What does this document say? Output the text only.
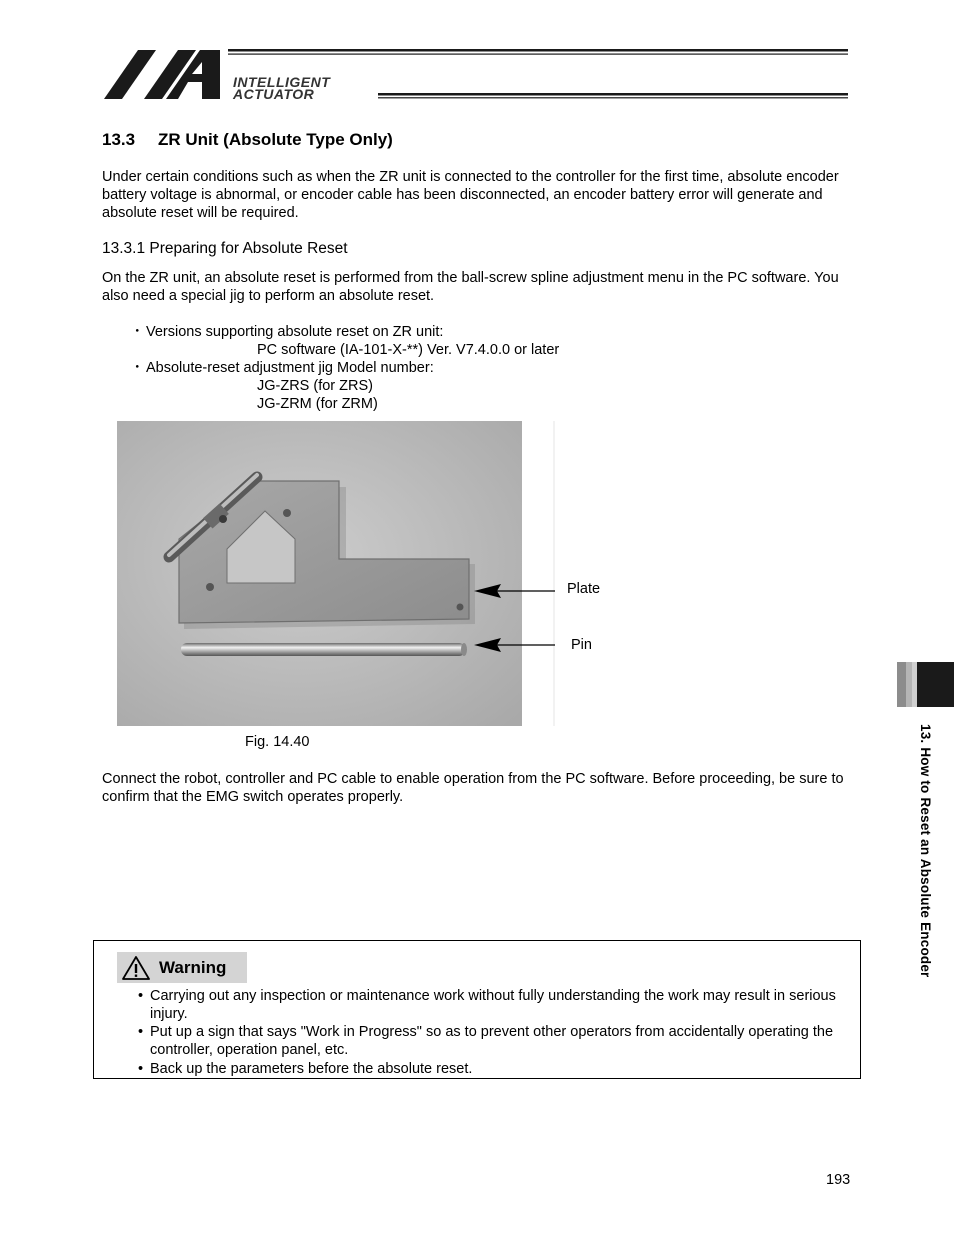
INTELLIGENT
ACTUATOR
13.3 ZR Unit (Absolute Type Only)
Under certain conditions such as when the ZR unit is connected to the controller for the first time, absolute encoder battery voltage is abnormal, or encoder cable has been disconnected, an encoder battery error will generate and absolute reset will be required.
13.3.1 Preparing for Absolute Reset
On the ZR unit, an absolute reset is performed from the ball-screw spline adjustment menu in the PC software. You also need a special jig to perform an absolute reset.
・ Versions supporting absolute reset on ZR unit:
PC software (IA-101-X-**) Ver. V7.4.0.0 or later
・ Absolute-reset adjustment jig Model number:
JG-ZRS (for ZRS)
JG-ZRM (for ZRM)
Plate
Pin
Fig. 14.40
Connect the robot, controller and PC cable to enable operation from the PC software. Before proceeding, be sure to confirm that the EMG switch operates properly.
Warning
• Carrying out any inspection or maintenance work without fully understanding the work may result in serious injury.
• Put up a sign that says "Work in Progress" so as to prevent other operators from accidentally operating the controller, operation panel, etc.
• Back up the parameters before the absolute reset.
13. How to Reset an Absolute Encoder
193
